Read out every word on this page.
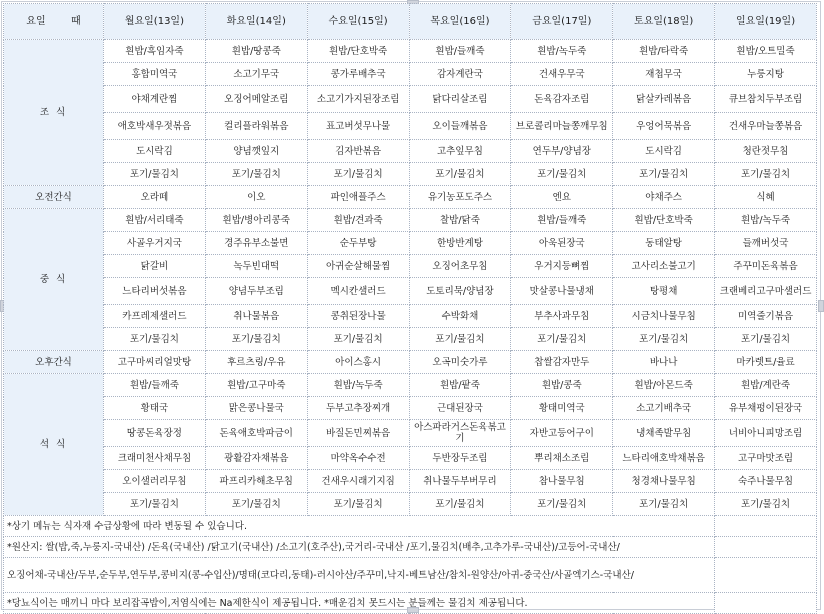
요일        때	월요일(13일)	화요일(14일)	수요일(15일)	목요일(16일)	금요일(17일)	토요일(18일)	일요일(19일)
조 식	흰밥/흑임자죽	흰밥/땅콩죽	흰밥/단호박죽	흰밥/들깨죽	흰밥/녹두죽	흰밥/타락죽	흰밥/오트밀죽
	홍합미역국	소고기무국	콩가루배추국	감자계란국	건새우무국	재첩무국	누룽지탕
	야채계란찜	오징어메알조림	소고기가지된장조림	닭다리살조림	돈육감자조림	닭살카레볶음	큐브참치두부조림
	애호박새우젓볶음	컬리플라워볶음	표고버섯무나물	오이들깨볶음	브로콜리마늘쫑깨무침	우엉어묵볶음	건새우마늘쫑볶음
	도시락김	양념깻잎지	김자반볶음	고추잎무침	연두부/양념장	도시락김	청란젓무침
	포기/물김치	포기/물김치	포기/물김치	포기/물김치	포기/물김치	포기/물김치	포기/물김치
오전간식	오라떼	이오	파인애플주스	유기농포도주스	엔요	야채주스	식혜
중 식	흰밥/서리태죽	흰밥/병아리콩죽	흰밥/견과죽	찰밥/닭죽	흰밥/들깨죽	흰밥/단호박죽	흰밥/녹두죽
	사골우거지국	경주유부소불면	순두부탕	한방반계탕	아욱된장국	동태알탕	들깨버섯국
	닭갈비	녹두빈대떡	아귀순살해물찜	오징어초무침	우거지등뼈찜	고사리소불고기	주꾸미돈육볶음
	느타리버섯볶음	양념두부조림	멕시칸샐러드	도토리묵/양념장	맛살콩나물냉채	탕평채	크랜베리고구마샐러드
	카프레제샐러드	취나물볶음	콩취된장나물	수박화채	부추사과무침	시금치나물무침	미역줄기볶음
	포기/물김치	포기/물김치	포기/물김치	포기/물김치	포기/물김치	포기/물김치	포기/물김치
오후간식	고구마씨리얼맛탕	후르츠링/우유	아이스홍시	오곡미숫가루	찹쌀감자만두	바나나	마카렛트/율료
석 식	흰밥/들깨죽	흰밥/고구마죽	흰밥/녹두죽	흰밥/팥죽	흰밥/콩죽	흰밥/아몬드죽	흰밥/계란죽
	황태국	맑은콩나물국	두부고추장찌개	근대된장국	황태미역국	소고기배추국	유부채펑이된장국
	땅콩돈육장정	돈육애호박파금이	바질돈민찌볶음	아스파라거스돈육볶고기	자반고등어구이	냉채족발무침	너비아니피망조림
	크래미천사채무침	광활감자채볶음	마약옥수수전	두반장두조림	뿌리채소조림	느타리애호박채볶음	고구마맛조림
	오이샐러리무침	파프리카해초무침	건새우시래기지짐	취나물두부버무리	참나물무침	청경채나물무침	숙주나물무침
	포기/물김치	포기/물김치	포기/물김치	포기/물김치	포기/물김치	포기/물김치	포기/물김치
*상기 메뉴는 식자재 수급상황에 따라 변동될 수 있습니다.							
*원산지: 쌀(밥,죽,누룽지-국내산) /돈육(국내산) /닭고기(국내산) /소고기(호주산),국거리-국내산 /포기,물김치(배추,고추가루-국내산)/고등어-국내산/							
오징어채-국내산/두부,순두부,연두부,콩비지(콩-수입산)/명태(코다리,동태)-러시아산/주꾸미,낙지-베트남산/참치-원양산/아귀-중국산/사골엑기스-국내산/							
*당뇨식이는 매끼니 마다 보리잡곡밥이,저염식에는 Na제한식이 제공됩니다. *매운김치 못드시는 분들께는 물김치 제공됩니다.							
